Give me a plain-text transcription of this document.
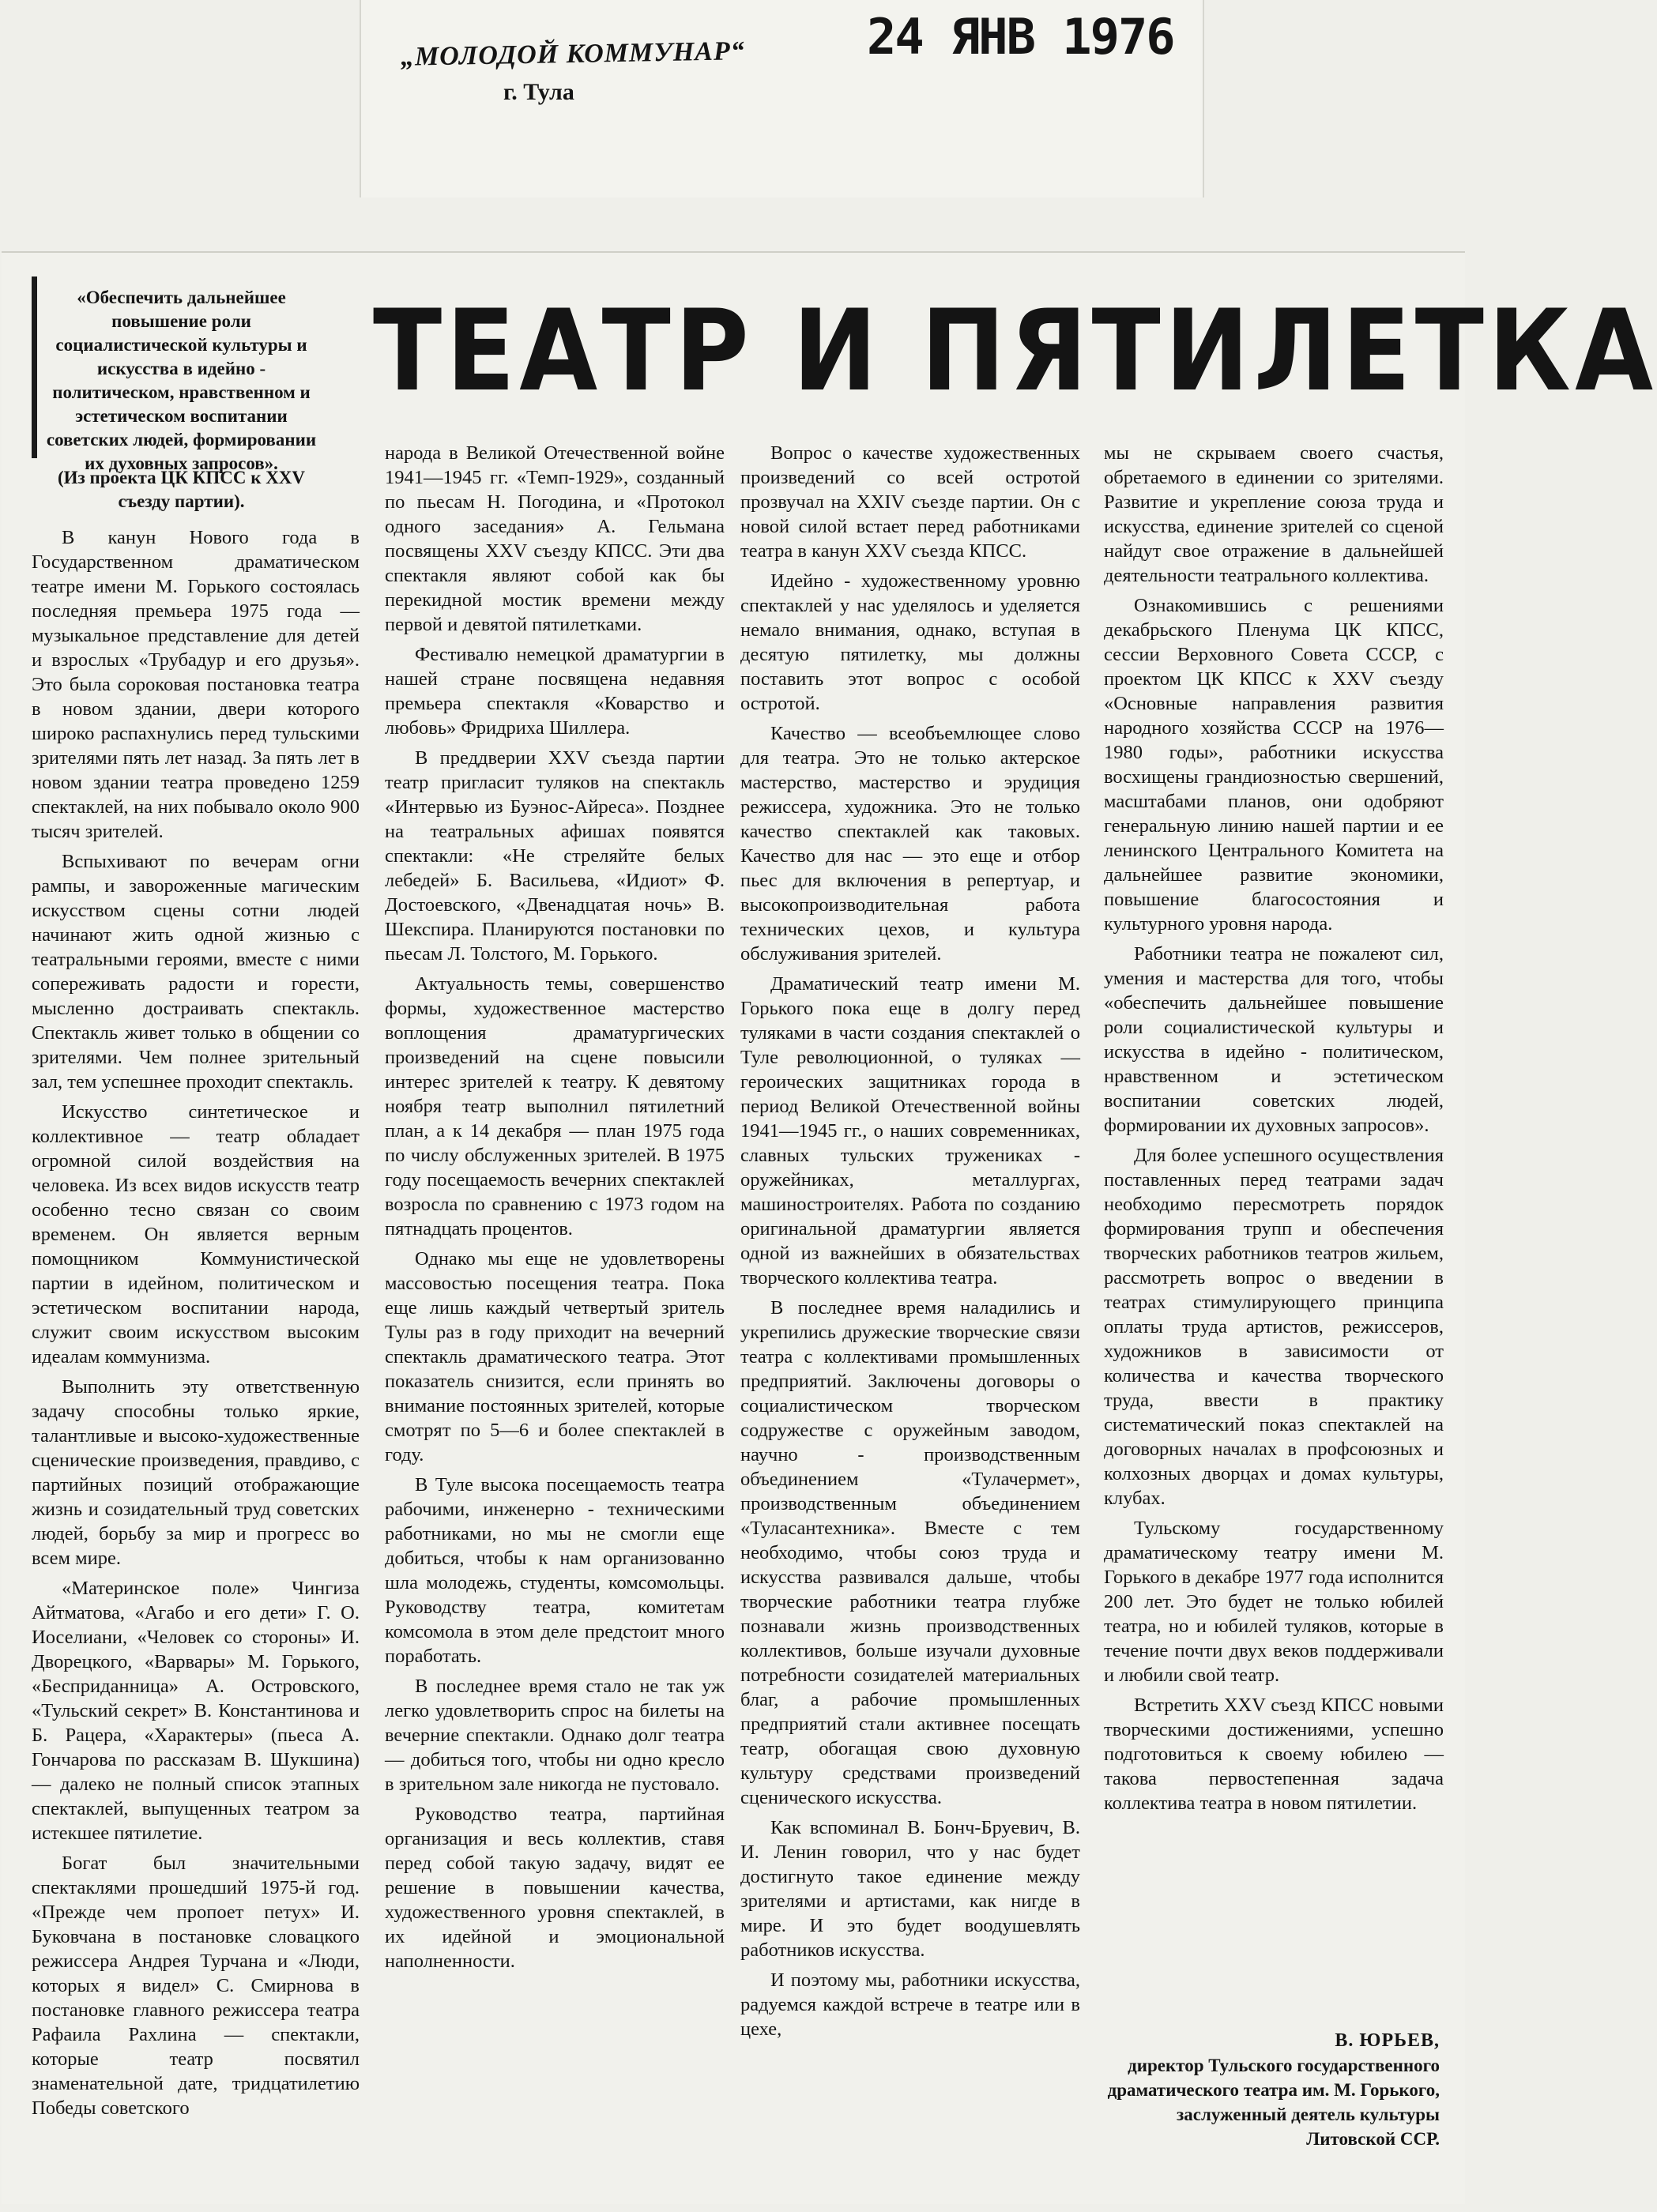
„МОЛОДОЙ КОММУНАР“
г. Тула
24 ЯНВ 1976
«Обеспечить дальнейшее повышение роли социалистической культуры и искусства в идейно - политическом, нравственном и эстетическом воспитании советских людей, формировании их духовных запросов».
ТЕАТР И ПЯТИЛЕТКА
(Из проекта ЦК КПСС к XXV съезду партии).

В канун Нового года в Государственном драматическом театре имени М. Горького состоялась последняя премьера 1975 года — музыкальное представление для детей и взрослых «Трубадур и его друзья». Это была сороковая постановка театра в новом здании, двери которого широко распахнулись перед тульскими зрителями пять лет назад. За пять лет в новом здании театра проведено 1259 спектаклей, на них побывало около 900 тысяч зрителей.

Вспыхивают по вечерам огни рампы, и завороженные магическим искусством сцены сотни людей начинают жить одной жизнью с театральными героями, вместе с ними сопереживать радости и горести, мысленно достраивать спектакль. Спектакль живет только в общении со зрителями. Чем полнее зрительный зал, тем успешнее проходит спектакль.

Искусство синтетическое и коллективное — театр обладает огромной силой воздействия на человека. Из всех видов искусств театр особенно тесно связан со своим временем. Он является верным помощником Коммунистической партии в идейном, политическом и эстетическом воспитании народа, служит своим искусством высоким идеалам коммунизма.

Выполнить эту ответственную задачу способны только яркие, талантливые и высоко-художественные сценические произведения, правдиво, с партийных позиций отображающие жизнь и созидательный труд советских людей, борьбу за мир и прогресс во всем мире.

«Материнское поле» Чингиза Айтматова, «Агабо и его дети» Г. О. Иоселиани, «Человек со стороны» И. Дворецкого, «Варвары» М. Горького, «Бесприданница» А. Островского, «Тульский секрет» В. Константинова и Б. Рацера, «Характеры» (пьеса А. Гончарова по рассказам В. Шукшина) — далеко не полный список этапных спектаклей, выпущенных театром за истекшее пятилетие.

Богат был значительными спектаклями прошедший 1975-й год. «Прежде чем пропоет петух» И. Буковчана в постановке словацкого режиссера Андрея Турчана и «Люди, которых я видел» С. Смирнова в постановке главного режиссера театра Рафаила Рахлина — спектакли, которые театр посвятил знаменательной дате, тридцатилетию Победы советского

народа в Великой Отечественной войне 1941—1945 гг. «Темп-1929», созданный по пьесам Н. Погодина, и «Протокол одного заседания» А. Гельмана посвящены XXV съезду КПСС. Эти два спектакля являют собой как бы перекидной мостик времени между первой и девятой пятилетками.

Фестивалю немецкой драматургии в нашей стране посвящена недавняя премьера спектакля «Коварство и любовь» Фридриха Шиллера.

В преддверии XXV съезда партии театр пригласит туляков на спектакль «Интервью из Буэнос-Айреса». Позднее на театральных афишах появятся спектакли: «Не стреляйте белых лебедей» Б. Васильева, «Идиот» Ф. Достоевского, «Двенадцатая ночь» В. Шекспира. Планируются постановки по пьесам Л. Толстого, М. Горького.

Актуальность темы, совершенство формы, художественное мастерство воплощения драматургических произведений на сцене повысили интерес зрителей к театру. К девятому ноября театр выполнил пятилетний план, а к 14 декабря — план 1975 года по числу обслуженных зрителей. В 1975 году посещаемость вечерних спектаклей возросла по сравнению с 1973 годом на пятнадцать процентов.

Однако мы еще не удовлетворены массовостью посещения театра. Пока еще лишь каждый четвертый зритель Тулы раз в году приходит на вечерний спектакль драматического театра. Этот показатель снизится, если принять во внимание постоянных зрителей, которые смотрят по 5—6 и более спектаклей в году.

В Туле высока посещаемость театра рабочими, инженерно - техническими работниками, но мы не смогли еще добиться, чтобы к нам организованно шла молодежь, студенты, комсомольцы. Руководству театра, комитетам комсомола в этом деле предстоит много поработать.

В последнее время стало не так уж легко удовлетворить спрос на билеты на вечерние спектакли. Однако долг театра — добиться того, чтобы ни одно кресло в зрительном зале никогда не пустовало.

Руководство театра, партийная организация и весь коллектив, ставя перед собой такую задачу, видят ее решение в повышении качества, художественного уровня спектаклей, в их идейной и эмоциональной наполненности.

Вопрос о качестве художественных произведений со всей остротой прозвучал на XXIV съезде партии. Он с новой силой встает перед работниками театра в канун XXV съезда КПСС.

Идейно - художественному уровню спектаклей у нас уделялось и уделяется немало внимания, однако, вступая в десятую пятилетку, мы должны поставить этот вопрос с особой остротой.

Качество — всеобъемлющее слово для театра. Это не только актерское мастерство, мастерство и эрудиция режиссера, художника. Это не только качество спектаклей как таковых. Качество для нас — это еще и отбор пьес для включения в репертуар, и высокопроизводительная работа технических цехов, и культура обслуживания зрителей.

Драматический театр имени М. Горького пока еще в долгу перед туляками в части создания спектаклей о Туле революционной, о туляках — героических защитниках города в период Великой Отечественной войны 1941—1945 гг., о наших современниках, славных тульских тружениках - оружейниках, металлургах, машиностроителях. Работа по созданию оригинальной драматургии является одной из важнейших в обязательствах творческого коллектива театра.

В последнее время наладились и укрепились дружеские творческие связи театра с коллективами промышленных предприятий. Заключены договоры о социалистическом творческом содружестве с оружейным заводом, научно - производственным объединением «Тулачермет», производственным объединением «Туласантехника». Вместе с тем необходимо, чтобы союз труда и искусства развивался дальше, чтобы творческие работники театра глубже познавали жизнь производственных коллективов, больше изучали духовные потребности созидателей материальных благ, а рабочие промышленных предприятий стали активнее посещать театр, обогащая свою духовную культуру средствами произведений сценического искусства.

Как вспоминал В. Бонч-Бруевич, В. И. Ленин говорил, что у нас будет достигнуто такое единение между зрителями и артистами, как нигде в мире. И это будет воодушевлять работников искусства.

И поэтому мы, работники искусства, радуемся каждой встрече в театре или в цехе,

мы не скрываем своего счастья, обретаемого в единении со зрителями. Развитие и укрепление союза труда и искусства, единение зрителей со сценой найдут свое отражение в дальнейшей деятельности театрального коллектива.

Ознакомившись с решениями декабрьского Пленума ЦК КПСС, сессии Верховного Совета СССР, с проектом ЦК КПСС к XXV съезду «Основные направления развития народного хозяйства СССР на 1976—1980 годы», работники искусства восхищены грандиозностью свершений, масштабами планов, они одобряют генеральную линию нашей партии и ее ленинского Центрального Комитета на дальнейшее развитие экономики, повышение благосостояния и культурного уровня народа.

Работники театра не пожалеют сил, умения и мастерства для того, чтобы «обеспечить дальнейшее повышение роли социалистической культуры и искусства в идейно - политическом, нравственном и эстетическом воспитании советских людей, формировании их духовных запросов».

Для более успешного осуществления поставленных перед театрами задач необходимо пересмотреть порядок формирования трупп и обеспечения творческих работников театров жильем, рассмотреть вопрос о введении в театрах стимулирующего принципа оплаты труда артистов, режиссеров, художников в зависимости от количества и качества творческого труда, ввести в практику систематический показ спектаклей на договорных началах в профсоюзных и колхозных дворцах и домах культуры, клубах.

Тульскому государственному драматическому театру имени М. Горького в декабре 1977 года исполнится 200 лет. Это будет не только юбилей театра, но и юбилей туляков, которые в течение почти двух веков поддерживали и любили свой театр.

Встретить XXV съезд КПСС новыми творческими достижениями, успешно подготовиться к своему юбилею — такова первостепенная задача коллектива театра в новом пятилетии.

В. ЮРЬЕВ,
директор Тульского государственного драматического театра им. М. Горького, заслуженный деятель культуры Литовской ССР.
